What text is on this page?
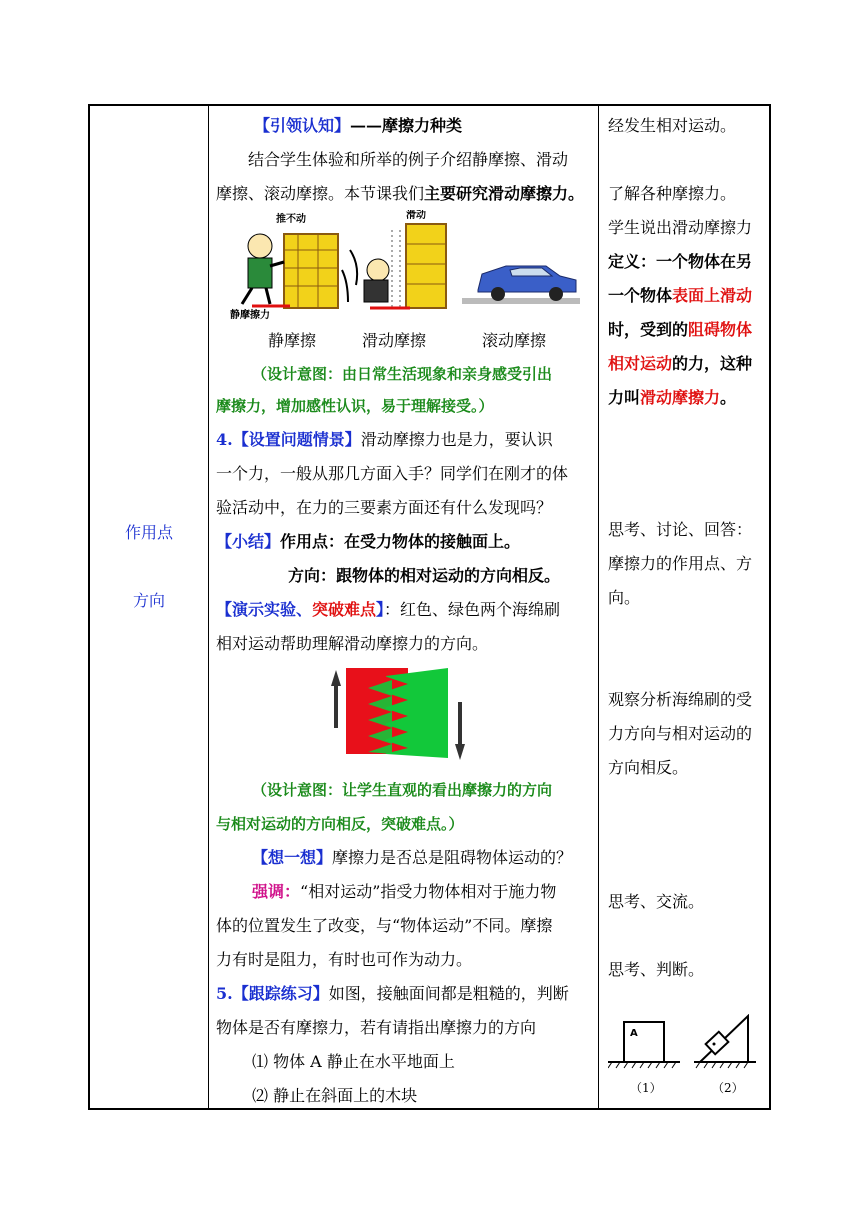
作用点
方向
【引领认知】——摩擦力种类
结合学生体验和所举的例子介绍静摩擦、滑动
摩擦、滚动摩擦。本节课我们主要研究滑动摩擦力。
推不动
静摩擦力
滑动
静摩擦	滑动摩擦	滚动摩擦
（设计意图：由日常生活现象和亲身感受引出
摩擦力，增加感性认识，易于理解接受。）
4.【设置问题情景】滑动摩擦力也是力，要认识
一个力，一般从那几方面入手？同学们在刚才的体
验活动中，在力的三要素方面还有什么发现吗？
【小结】作用点：在受力物体的接触面上。
方向：跟物体的相对运动的方向相反。
【演示实验、突破难点】：红色、绿色两个海绵刷
相对运动帮助理解滑动摩擦力的方向。
（设计意图：让学生直观的看出摩擦力的方向
与相对运动的方向相反，突破难点。）
【想一想】摩擦力是否总是阻碍物体运动的？
强调：“相对运动”指受力物体相对于施力物
体的位置发生了改变，与“物体运动”不同。摩擦
力有时是阻力，有时也可作为动力。
5.【跟踪练习】如图，接触面间都是粗糙的，判断
物体是否有摩擦力，若有请指出摩擦力的方向
⑴ 物体 A 静止在水平地面上
⑵ 静止在斜面上的木块
经发生相对运动。
了解各种摩擦力。
学生说出滑动摩擦力
定义：一个物体在另
一个物体表面上滑动
时，受到的阻碍物体
相对运动的力，这种
力叫滑动摩擦力。
思考、讨论、回答：
摩擦力的作用点、方
向。
观察分析海绵刷的受
力方向与相对运动的
方向相反。
思考、交流。
思考、判断。
A
（1）	（2）
